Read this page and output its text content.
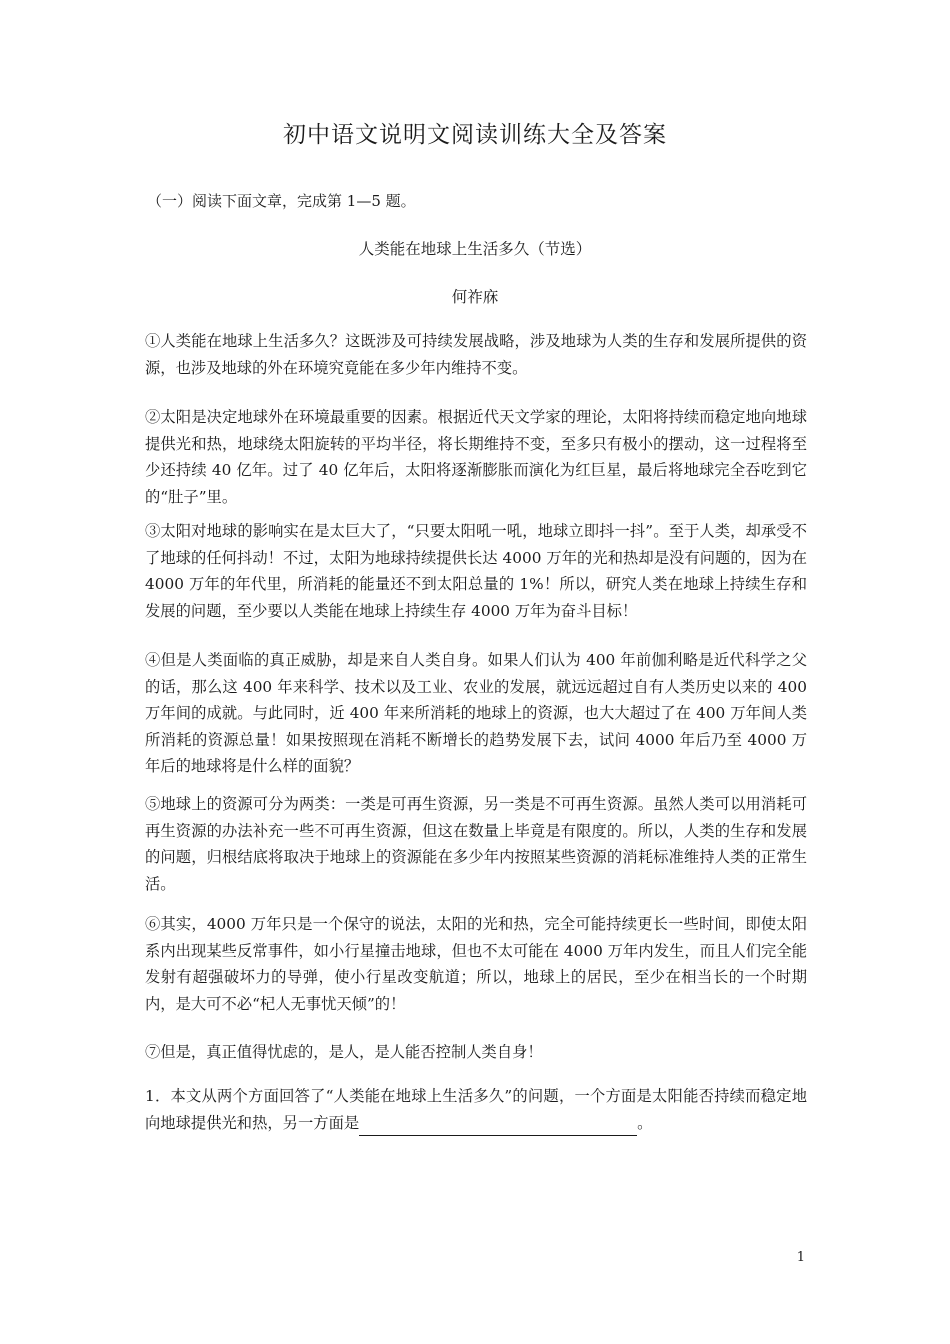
初中语文说明文阅读训练大全及答案

（一）阅读下面文章，完成第 1—5 题。

人类能在地球上生活多久（节选）

何祚庥

①人类能在地球上生活多久？这既涉及可持续发展战略，涉及地球为人类的生存和发展所提供的资源，也涉及地球的外在环境究竟能在多少年内维持不变。

②太阳是决定地球外在环境最重要的因素。根据近代天文学家的理论，太阳将持续而稳定地向地球提供光和热，地球绕太阳旋转的平均半径，将长期维持不变，至多只有极小的摆动，这一过程将至少还持续 40 亿年。过了 40 亿年后，太阳将逐渐膨胀而演化为红巨星，最后将地球完全吞吃到它的“肚子”里。

③太阳对地球的影响实在是太巨大了，“只要太阳吼一吼，地球立即抖一抖”。至于人类，却承受不了地球的任何抖动！不过，太阳为地球持续提供长达 4000 万年的光和热却是没有问题的，因为在 4000 万年的年代里，所消耗的能量还不到太阳总量的 1%！所以，研究人类在地球上持续生存和发展的问题，至少要以人类能在地球上持续生存 4000 万年为奋斗目标！

④但是人类面临的真正威胁，却是来自人类自身。如果人们认为 400 年前伽利略是近代科学之父的话，那么这 400 年来科学、技术以及工业、农业的发展，就远远超过自有人类历史以来的 400 万年间的成就。与此同时，近 400 年来所消耗的地球上的资源，也大大超过了在 400 万年间人类所消耗的资源总量！如果按照现在消耗不断增长的趋势发展下去，试问 4000 年后乃至 4000 万年后的地球将是什么样的面貌？

⑤地球上的资源可分为两类：一类是可再生资源，另一类是不可再生资源。虽然人类可以用消耗可再生资源的办法补充一些不可再生资源，但这在数量上毕竟是有限度的。所以，人类的生存和发展的问题，归根结底将取决于地球上的资源能在多少年内按照某些资源的消耗标准维持人类的正常生活。

⑥其实，4000 万年只是一个保守的说法，太阳的光和热，完全可能持续更长一些时间，即使太阳系内出现某些反常事件，如小行星撞击地球，但也不太可能在 4000 万年内发生，而且人们完全能发射有超强破坏力的导弹，使小行星改变航道；所以，地球上的居民，至少在相当长的一个时期内，是大可不必“杞人无事忧天倾”的！

⑦但是，真正值得忧虑的，是人，是人能否控制人类自身！

1．本文从两个方面回答了“人类能在地球上生活多久”的问题，一个方面是太阳能否持续而稳定地向地球提供光和热，另一方面是	。

1
